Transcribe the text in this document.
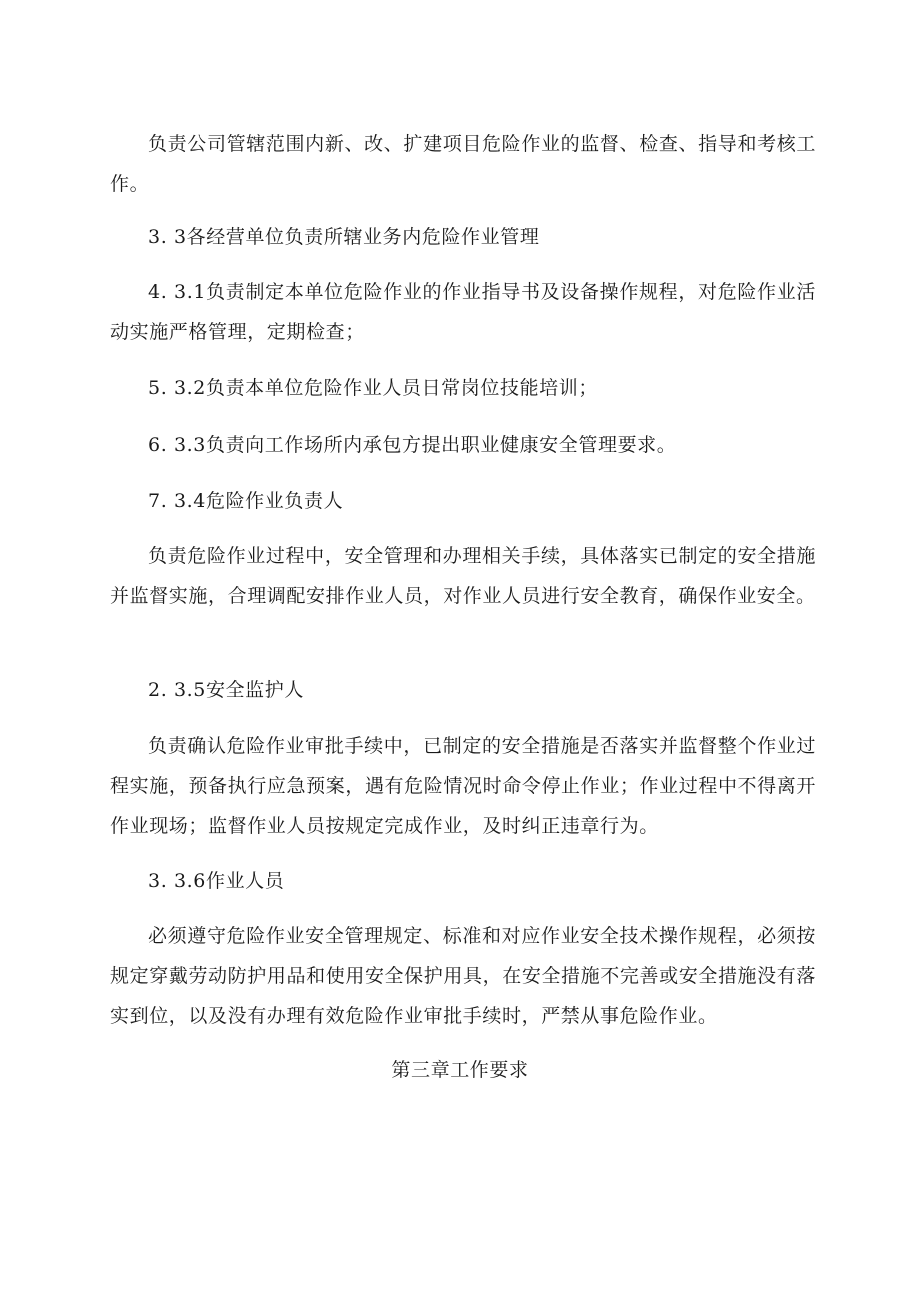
负责公司管辖范围内新、改、扩建项目危险作业的监督、检查、指导和考核工作。

3. 3各经营单位负责所辖业务内危险作业管理

4. 3.1负责制定本单位危险作业的作业指导书及设备操作规程，对危险作业活动实施严格管理，定期检查；

5. 3.2负责本单位危险作业人员日常岗位技能培训；

6. 3.3负责向工作场所内承包方提出职业健康安全管理要求。

7. 3.4危险作业负责人

负责危险作业过程中，安全管理和办理相关手续，具体落实已制定的安全措施并监督实施，合理调配安排作业人员，对作业人员进行安全教育，确保作业安全。

2. 3.5安全监护人

负责确认危险作业审批手续中，已制定的安全措施是否落实并监督整个作业过程实施，预备执行应急预案，遇有危险情况时命令停止作业；作业过程中不得离开作业现场；监督作业人员按规定完成作业，及时纠正违章行为。

3. 3.6作业人员

必须遵守危险作业安全管理规定、标准和对应作业安全技术操作规程，必须按规定穿戴劳动防护用品和使用安全保护用具，在安全措施不完善或安全措施没有落实到位，以及没有办理有效危险作业审批手续时，严禁从事危险作业。

第三章工作要求
